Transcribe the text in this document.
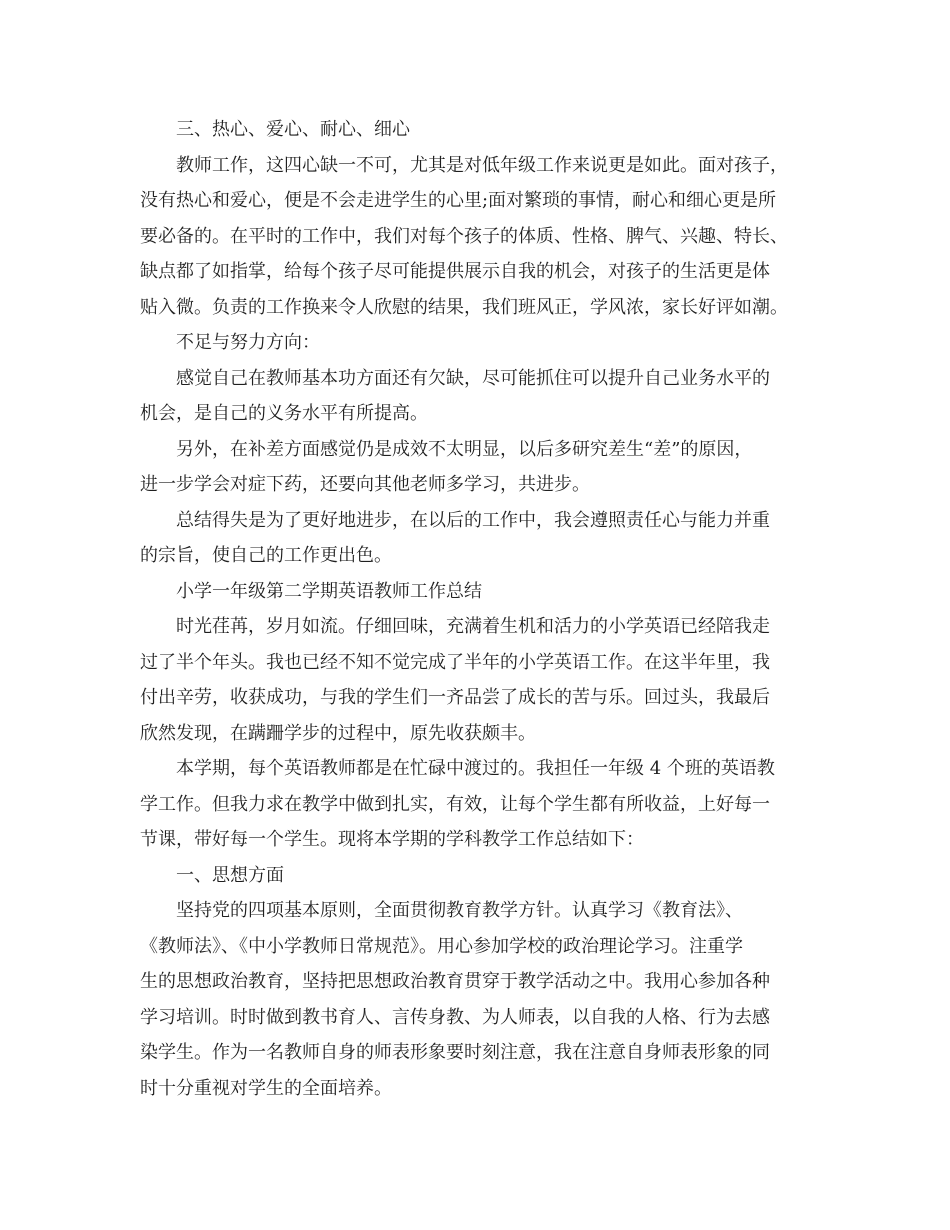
三、热心、爱心、耐心、细心
教师工作，这四心缺一不可，尤其是对低年级工作来说更是如此。面对孩子，
没有热心和爱心，便是不会走进学生的心里;面对繁琐的事情，耐心和细心更是所
要必备的。在平时的工作中，我们对每个孩子的体质、性格、脾气、兴趣、特长、
缺点都了如指掌，给每个孩子尽可能提供展示自我的机会，对孩子的生活更是体
贴入微。负责的工作换来令人欣慰的结果，我们班风正，学风浓，家长好评如潮。
不足与努力方向：
感觉自己在教师基本功方面还有欠缺，尽可能抓住可以提升自己业务水平的
机会，是自己的义务水平有所提高。
另外，在补差方面感觉仍是成效不太明显，以后多研究差生“差”的原因，
进一步学会对症下药，还要向其他老师多学习，共进步。
总结得失是为了更好地进步，在以后的工作中，我会遵照责任心与能力并重
的宗旨，使自己的工作更出色。
小学一年级第二学期英语教师工作总结
时光荏苒，岁月如流。仔细回味，充满着生机和活力的小学英语已经陪我走
过了半个年头。我也已经不知不觉完成了半年的小学英语工作。在这半年里，我
付出辛劳，收获成功，与我的学生们一齐品尝了成长的苦与乐。回过头，我最后
欣然发现，在蹒跚学步的过程中，原先收获颇丰。
本学期，每个英语教师都是在忙碌中渡过的。我担任一年级 4 个班的英语教
学工作。但我力求在教学中做到扎实，有效，让每个学生都有所收益，上好每一
节课，带好每一个学生。现将本学期的学科教学工作总结如下：
一、思想方面
坚持党的四项基本原则，全面贯彻教育教学方针。认真学习《教育法》、
《教师法》、《中小学教师日常规范》。用心参加学校的政治理论学习。注重学
生的思想政治教育，坚持把思想政治教育贯穿于教学活动之中。我用心参加各种
学习培训。时时做到教书育人、言传身教、为人师表，以自我的人格、行为去感
染学生。作为一名教师自身的师表形象要时刻注意，我在注意自身师表形象的同
时十分重视对学生的全面培养。
